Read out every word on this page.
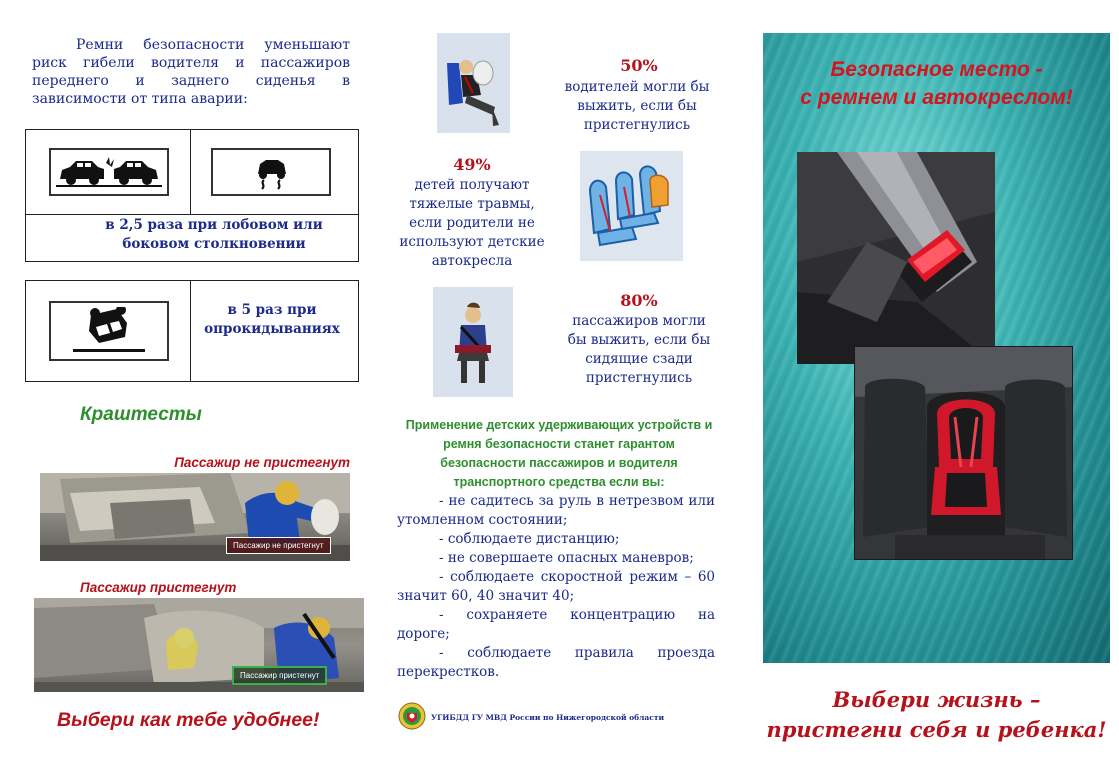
Ремни безопасности уменьшают риск гибели водителя и пассажиров переднего и заднего сиденья в зависимости от типа аварии:
в 2,5 раза при лобовом или боковом столкновении
в 5 раз при опрокидываниях
Краштесты
Пассажир не пристегнут
Пассажир не пристегнут
Пассажир пристегнут
Пассажир пристегнут
Выбери как тебе удобнее!
50%
водителей могли бы выжить, если бы пристегнулись
49%
детей получают тяжелые травмы, если родители не используют детские автокресла
80%
пассажиров могли бы выжить, если бы сидящие сзади пристегнулись
Применение детских удерживающих устройств и ремня безопасности станет гарантом безопасности пассажиров и водителя транспортного средства если вы:
- не садитесь за руль в нетрезвом или утомленном состоянии;
- соблюдаете дистанцию;
- не совершаете опасных маневров;
- соблюдаете скоростной режим – 60 значит 60, 40 значит 40;
- сохраняете концентрацию на дороге;
- соблюдаете правила проезда перекрестков.
УГИБДД ГУ МВД России по Нижегородской области
Безопасное место -
с ремнем и автокреслом!
Выбери жизнь –
пристегни себя и ребенка!
